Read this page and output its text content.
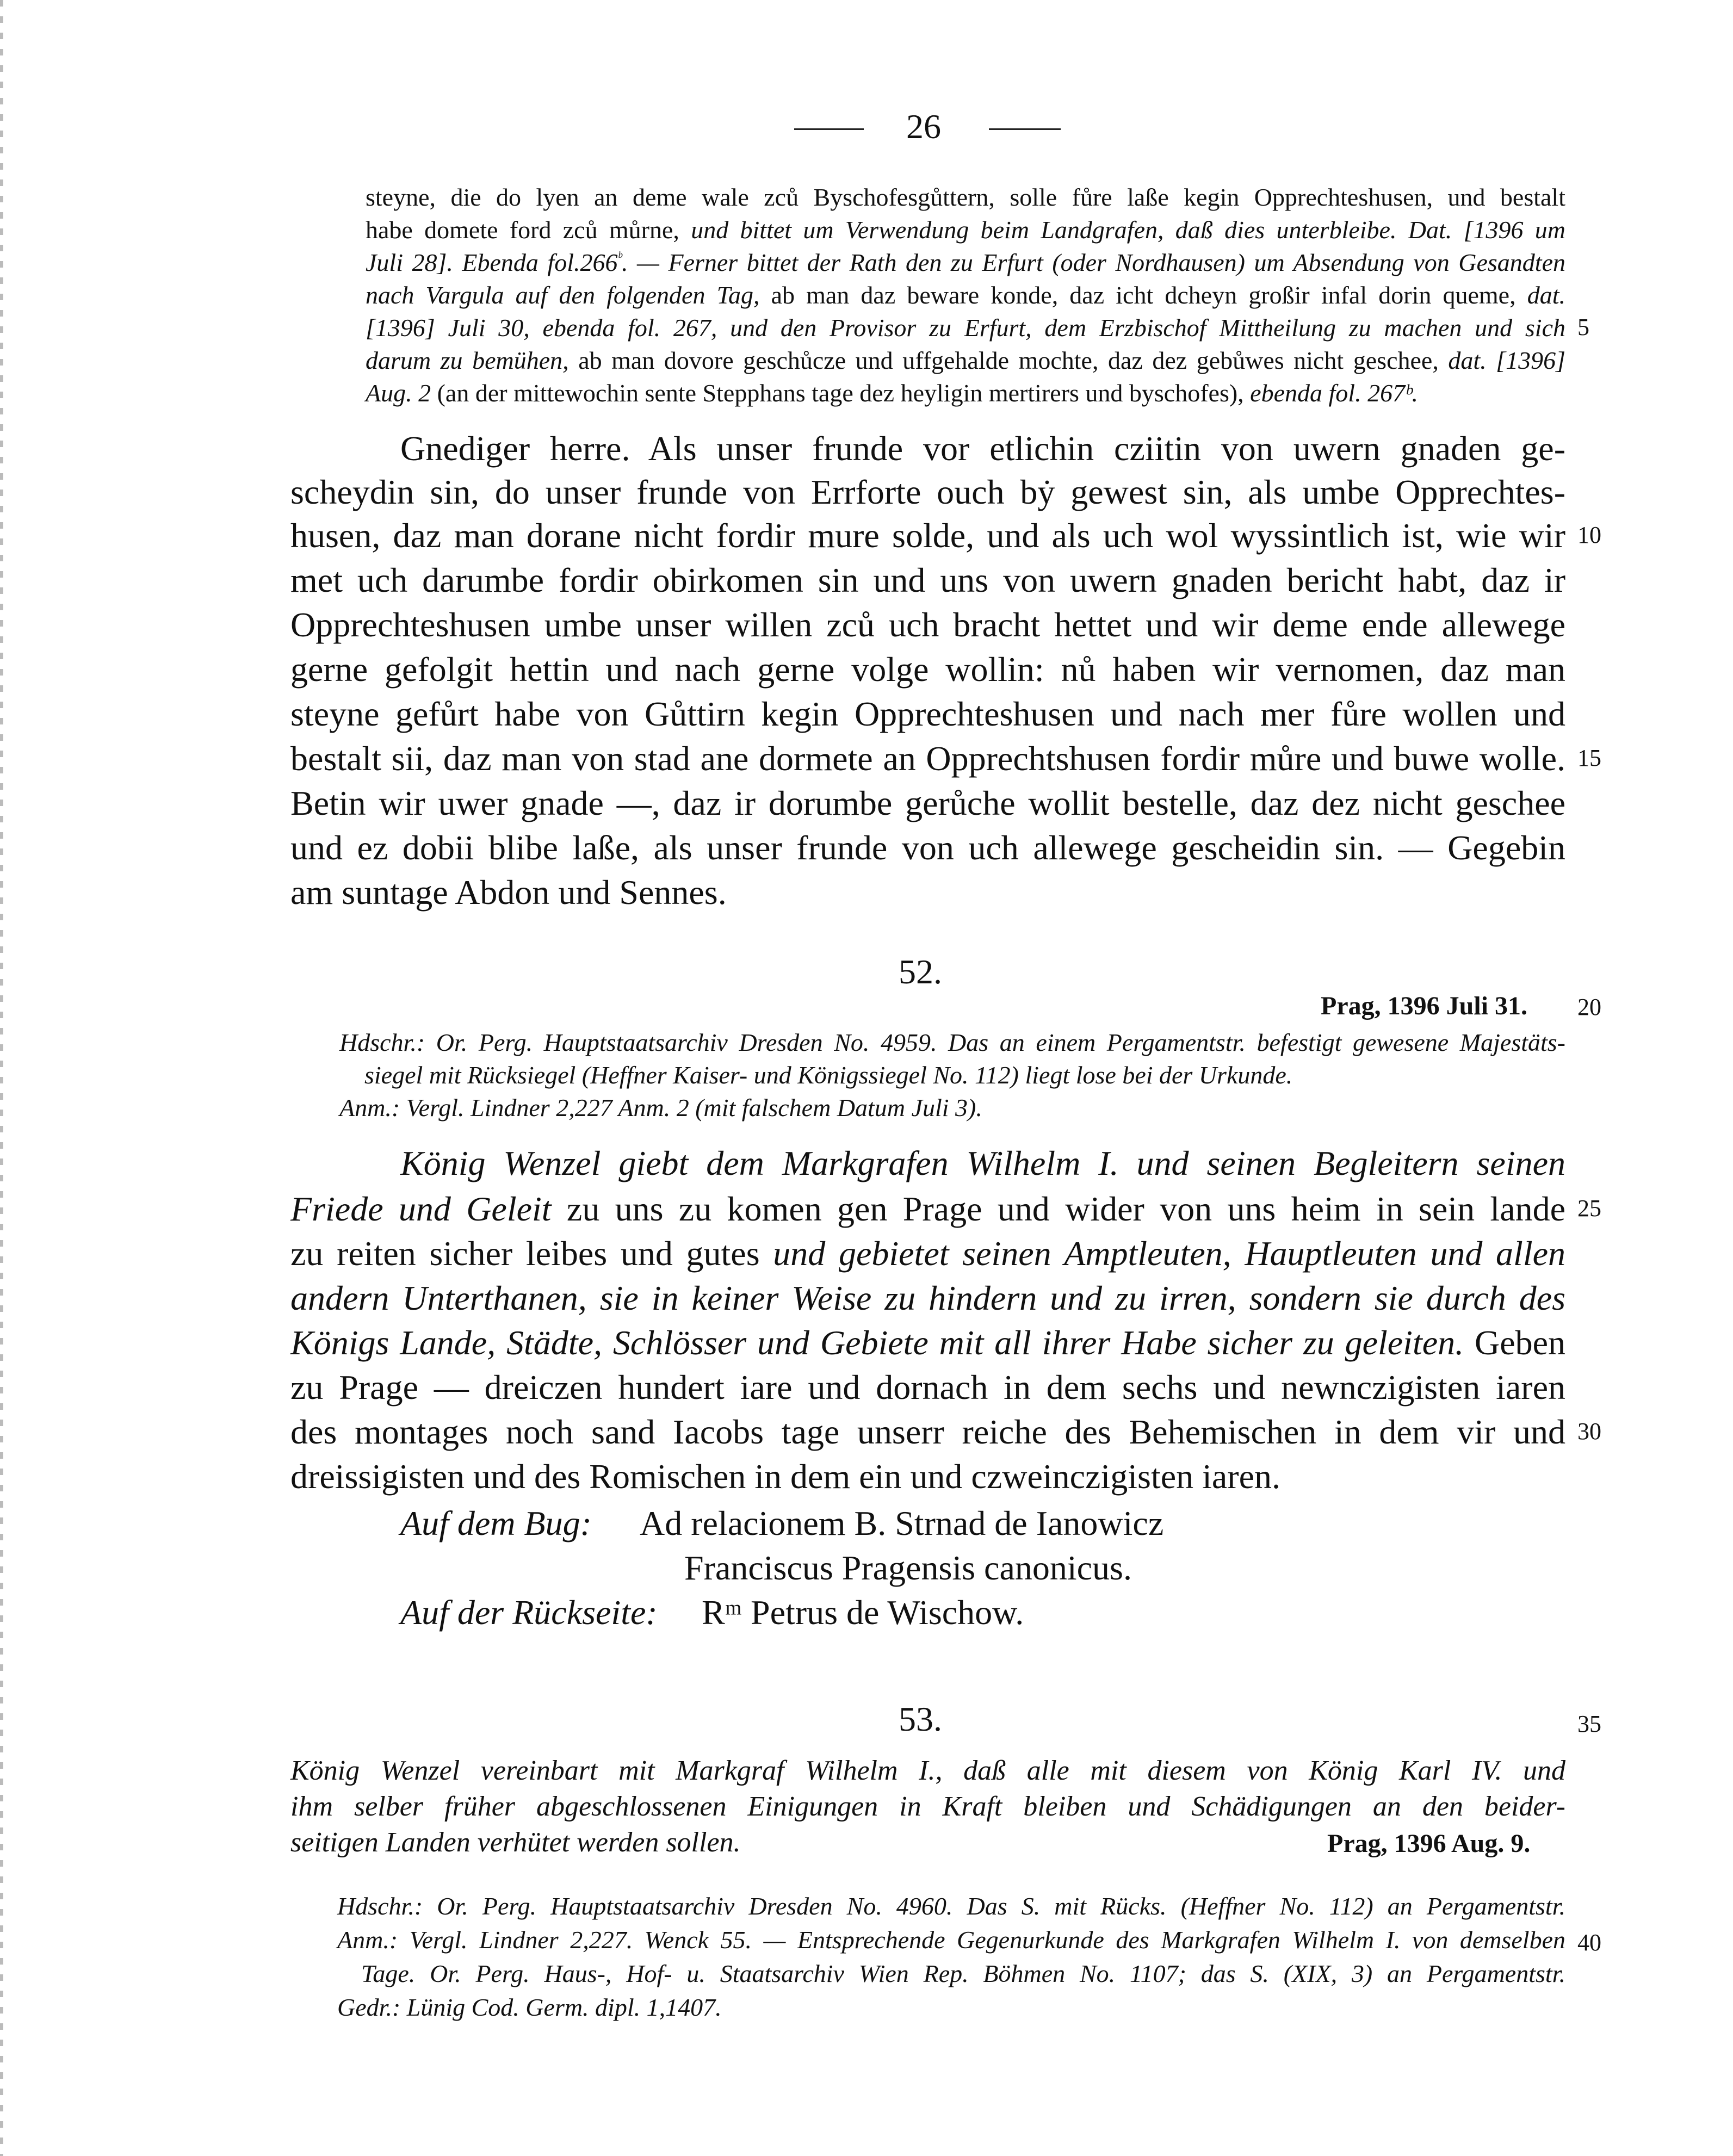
26
steyne, die do lyen an deme wale zců Byschofesgůttern, solle fůre laße kegin Opprechteshusen, und bestalt
habe domete ford zců můrne, und bittet um Verwendung beim Landgrafen, daß dies unterbleibe. Dat. [1396 um
Juli 28]. Ebenda $fol.266^ᵇ$. — Ferner bittet der Rath den zu Erfurt (oder Nordhausen) um Absendung von Gesandten
nach Vargula auf den folgenden Tag, ab man daz beware konde, daz icht dcheyn großir infal dorin queme, dat.
[1396] Juli 30, ebenda fol. 267, und den Provisor zu Erfurt, dem Erzbischof Mittheilung zu machen und sich
darum zu bemühen, ab man dovore geschůcze und uffgehalde mochte, daz dez gebůwes nicht geschee, dat. [1396]
Aug. 2 (an der mittewochin sente Stepphans tage dez heyligin mertirers und byschofes), ebenda fol. 267ᵇ.
Gnediger herre. Als unser frunde vor etlichin cziitin von uwern gnaden ge-
scheydin sin, do unser frunde von Errforte ouch bẏ gewest sin, als umbe Opprechtes-
husen, daz man dorane nicht fordir mure solde, und als uch wol wyssintlich ist, wie wir
met uch darumbe fordir obirkomen sin und uns von uwern gnaden bericht habt, daz ir
Opprechteshusen umbe unser willen zců uch bracht hettet und wir deme ende allewege
gerne gefolgit hettin und nach gerne volge wollin: nů haben wir vernomen, daz man
steyne gefůrt habe von Gůttirn kegin Opprechteshusen und nach mer fůre wollen und
bestalt sii, daz man von stad ane dormete an Opprechtshusen fordir můre und buwe wolle.
Betin wir uwer gnade —, daz ir dorumbe gerůche wollit bestelle, daz dez nicht geschee
und ez dobii blibe laße, als unser frunde von uch allewege gescheidin sin. — Gegebin
am suntage Abdon und Sennes.
52.
Prag, 1396 Juli 31.
Hdschr.: Or. Perg. Hauptstaatsarchiv Dresden No. 4959. Das an einem Pergamentstr. befestigt gewesene Majestäts-
siegel mit Rücksiegel (Heffner Kaiser- und Königssiegel No. 112) liegt lose bei der Urkunde.
Anm.: Vergl. Lindner 2,227 Anm. 2 (mit falschem Datum Juli 3).
König Wenzel giebt dem Markgrafen Wilhelm I. und seinen Begleitern seinen
Friede und Geleit zu uns zu komen gen Prage und wider von uns heim in sein lande
zu reiten sicher leibes und gutes und gebietet seinen Amptleuten, Hauptleuten und allen
andern Unterthanen, sie in keiner Weise zu hindern und zu irren, sondern sie durch des
Königs Lande, Städte, Schlösser und Gebiete mit all ihrer Habe sicher zu geleiten. Geben
zu Prage — dreiczen hundert iare und dornach in dem sechs und newnczigisten iaren
des montages noch sand Iacobs tage unserr reiche des Behemischen in dem vir und
dreissigisten und des Romischen in dem ein und czweinczigisten iaren.
Auf dem Bug: Ad relacionem B. Strnad de Ianowicz
Franciscus Pragensis canonicus.
Auf der Rückseite: Rᵐ Petrus de Wischow.
53.
König Wenzel vereinbart mit Markgraf Wilhelm I., daß alle mit diesem von König Karl IV. und
ihm selber früher abgeschlossenen Einigungen in Kraft bleiben und Schädigungen an den beider-
seitigen Landen verhütet werden sollen.	Prag, 1396 Aug. 9.
Hdschr.: Or. Perg. Hauptstaatsarchiv Dresden No. 4960. Das S. mit Rücks. (Heffner No. 112) an Pergamentstr.
Anm.: Vergl. Lindner 2,227. Wenck 55. — Entsprechende Gegenurkunde des Markgrafen Wilhelm I. von demselben
Tage. Or. Perg. Haus-, Hof- u. Staatsarchiv Wien Rep. Böhmen No. 1107; das S. (XIX, 3) an Pergamentstr.
Gedr.: Lünig Cod. Germ. dipl. 1,1407.
5
10
15
20
25
30
35
40
